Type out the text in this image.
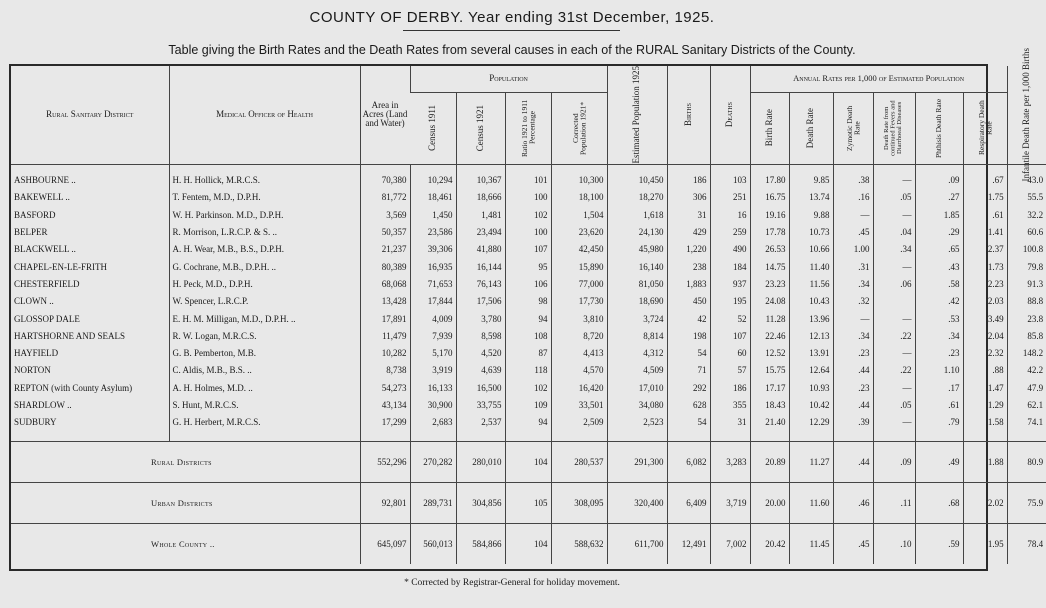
COUNTY OF DERBY. Year ending 31st December, 1925.
Table giving the Birth Rates and the Death Rates from several causes in each of the RURAL Sanitary Districts of the County.
Rural Sanitary District	Medical Officer of Health	Area in Acres (Land and Water)	Population				Estimated Population 1925	Births	Deaths	Annual Rates per 1,000 of Estimated Population						Infantile Death Rate per 1,000 Births

			Census 1911	Census 1921	Ratio 1921 to 1911 Percentage	Corrected Population 1921*				Birth Rate	Death Rate	Zymotic Death Rate	Death Rate from continued Fevers and Diarrhoeal Diseases	Phthisis Death Rate	Respiratory Death Rate	

ASHBOURNE ..	H. H. Hollick, M.R.C.S.	70,380	10,294	10,367	101	10,300	10,450	186	103	17.80	9.85	.38	—	.09	.67	43.0
BAKEWELL ..	T. Fentem, M.D., D.P.H.	81,772	18,461	18,666	100	18,100	18,270	306	251	16.75	13.74	.16	.05	.27	1.75	55.5
BASFORD	W. H. Parkinson. M.D., D.P.H.	3,569	1,450	1,481	102	1,504	1,618	31	16	19.16	9.88	—	—	1.85	.61	32.2
BELPER	R. Morrison, L.R.C.P. & S. ..	50,357	23,586	23,494	100	23,620	24,130	429	259	17.78	10.73	.45	.04	.29	1.41	60.6
BLACKWELL ..	A. H. Wear, M.B., B.S., D.P.H.	21,237	39,306	41,880	107	42,450	45,980	1,220	490	26.53	10.66	1.00	.34	.65	2.37	100.8
CHAPEL-EN-LE-FRITH	G. Cochrane, M.B., D.P.H. ..	80,389	16,935	16,144	95	15,890	16,140	238	184	14.75	11.40	.31	—	.43	1.73	79.8
CHESTERFIELD	H. Peck, M.D., D.P.H.	68,068	71,653	76,143	106	77,000	81,050	1,883	937	23.23	11.56	.34	.06	.58	2.23	91.3
CLOWN ..	W. Spencer, L.R.C.P.	13,428	17,844	17,506	98	17,730	18,690	450	195	24.08	10.43	.32		.42	2.03	88.8
GLOSSOP DALE	E. H. M. Milligan, M.D., D.P.H. ..	17,891	4,009	3,780	94	3,810	3,724	42	52	11.28	13.96	—	—	.53	3.49	23.8
HARTSHORNE AND SEALS	R. W. Logan, M.R.C.S.	11,479	7,939	8,598	108	8,720	8,814	198	107	22.46	12.13	.34	.22	.34	2.04	85.8
HAYFIELD	G. B. Pemberton, M.B.	10,282	5,170	4,520	87	4,413	4,312	54	60	12.52	13.91	.23	—	.23	2.32	148.2
NORTON	C. Aldis, M.B., B.S. ..	8,738	3,919	4,639	118	4,570	4,509	71	57	15.75	12.64	.44	.22	1.10	.88	42.2
REPTON (with County Asylum)	A. H. Holmes, M.D. ..	54,273	16,133	16,500	102	16,420	17,010	292	186	17.17	10.93	.23	—	.17	1.47	47.9
SHARDLOW ..	S. Hunt, M.R.C.S.	43,134	30,900	33,755	109	33,501	34,080	628	355	18.43	10.42	.44	.05	.61	1.29	62.1
SUDBURY	G. H. Herbert, M.R.C.S.	17,299	2,683	2,537	94	2,509	2,523	54	31	21.40	12.29	.39	—	.79	1.58	74.1

Rural Districts		552,296	270,282	280,010	104	280,537	291,300	6,082	3,283	20.89	11.27	.44	.09	.49	1.88	80.9
Urban Districts		92,801	289,731	304,856	105	308,095	320,400	6,409	3,719	20.00	11.60	.46	.11	.68	2.02	75.9
Whole County ..		645,097	560,013	584,866	104	588,632	611,700	12,491	7,002	20.42	11.45	.45	.10	.59	1.95	78.4
* Corrected by Registrar-General for holiday movement.
